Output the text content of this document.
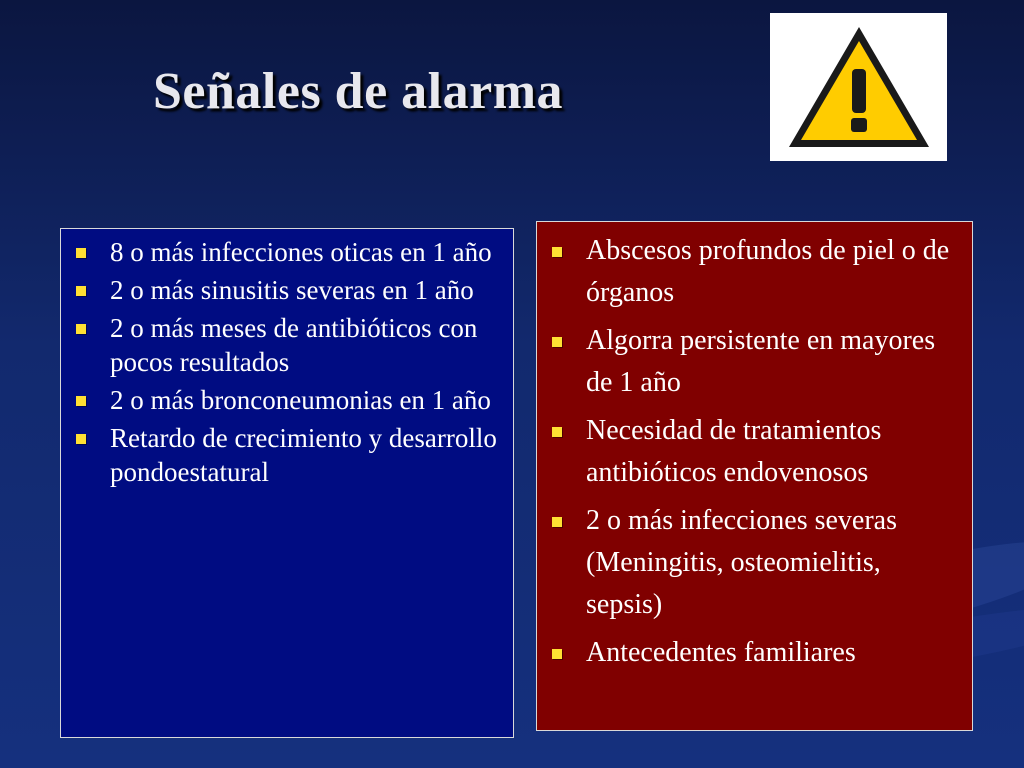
Señales de alarma
8 o más infecciones oticas en 1 año
2 o más sinusitis severas en 1 año
2 o más meses de antibióticos con pocos resultados
2 o más bronconeumonias en 1 año
Retardo de crecimiento y desarrollo pondoestatural
Abscesos profundos de piel o de órganos
Algorra persistente en mayores de 1 año
Necesidad de tratamientos antibióticos endovenosos
2 o más infecciones severas (Meningitis, osteomielitis, sepsis)
Antecedentes familiares
